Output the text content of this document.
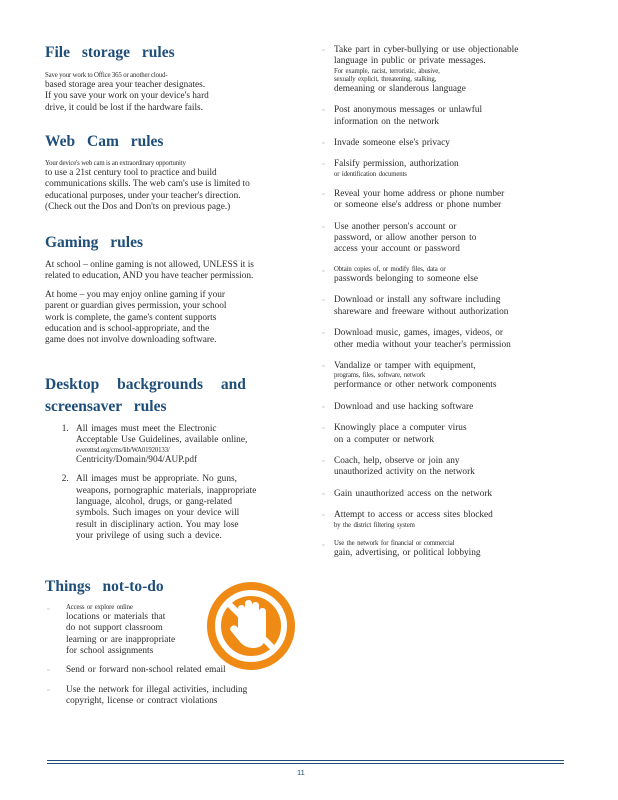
File storage rules
Save your work to Office 365 or another cloud-
based storage area your teacher designates.
If you save your work on your device's hard
drive, it could be lost if the hardware fails.
Web Cam rules
Your device's web cam is an extraordinary opportunity
to use a 21st century tool to practice and build
communications skills. The web cam's use is limited to
educational purposes, under your teacher's direction.
(Check out the Dos and Don'ts on previous page.)
Gaming rules
At school – online gaming is not allowed, UNLESS it is
related to education, AND you have teacher permission.
At home – you may enjoy online gaming if your
parent or guardian gives permission, your school
work is complete, the game's content supports
education and is school-appropriate, and the
game does not involve downloading software.
Desktop backgrounds and
screensaver rules
1. All images must meet the Electronic
Acceptable Use Guidelines, available online,
everettsd.org/cms/lib/WA01920133/
Centricity/Domain/904/AUP.pdf
2. All images must be appropriate. No guns,
weapons, pornographic materials, inappropriate
language, alcohol, drugs, or gang-related
symbols. Such images on your device will
result in disciplinary action. You may lose
your privilege of using such a device.
Things not-to-do
▫ Access or explore online
locations or materials that
do not support classroom
learning or are inappropriate
for school assignments
▫ Send or forward non-school related email
▫ Use the network for illegal activities, including
copyright, license or contract violations
▫ Take part in cyber-bullying or use objectionable
language in public or private messages.
For example, racist, terroristic, abusive,
sexually explicit, threatening, stalking,
demeaning or slanderous language
▫ Post anonymous messages or unlawful
information on the network
▫ Invade someone else's privacy
▫ Falsify permission, authorization
or identification documents
▫ Reveal your home address or phone number
or someone else's address or phone number
▫ Use another person's account or
password, or allow another person to
access your account or password
▫ Obtain copies of, or modify files, data or
passwords belonging to someone else
▫ Download or install any software including
shareware and freeware without authorization
▫ Download music, games, images, videos, or
other media without your teacher's permission
▫ Vandalize or tamper with equipment,
programs, files, software, network
performance or other network components
▫ Download and use hacking software
▫ Knowingly place a computer virus
on a computer or network
▫ Coach, help, observe or join any
unauthorized activity on the network
▫ Gain unauthorized access on the network
▫ Attempt to access or access sites blocked
by the district filtering system
▫ Use the network for financial or commercial
gain, advertising, or political lobbying
11
